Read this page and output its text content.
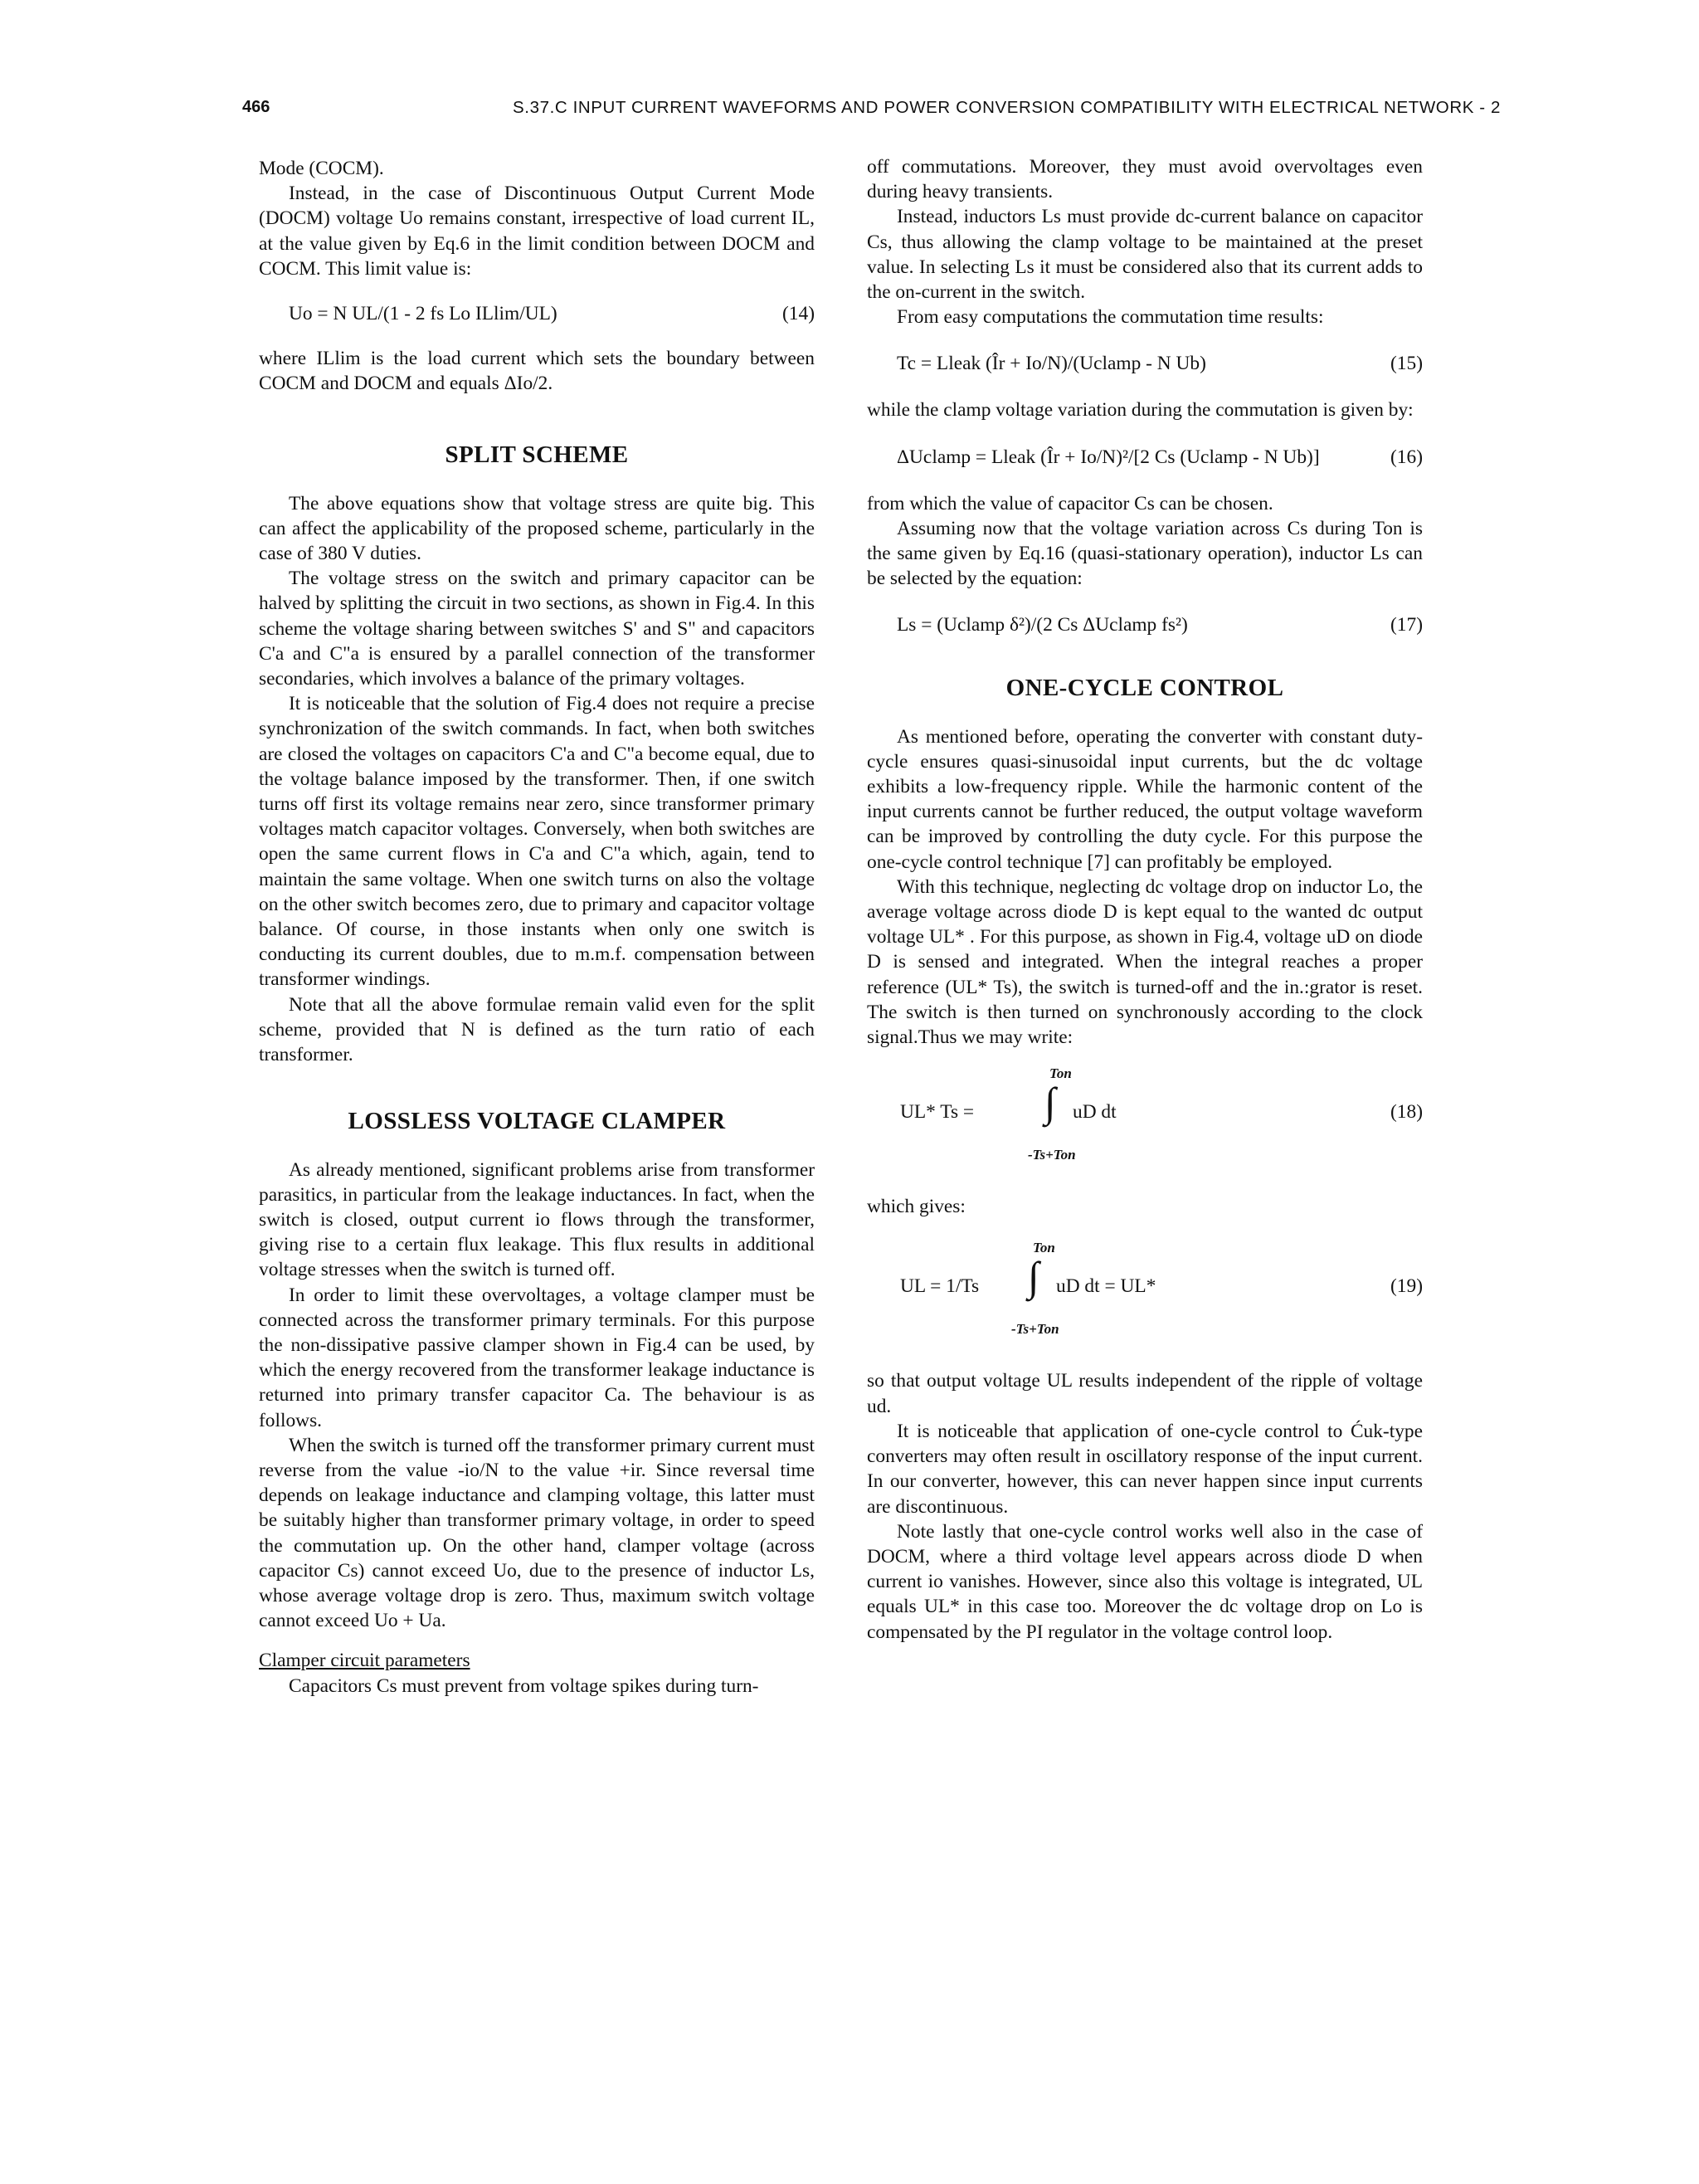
466	S.37.C INPUT CURRENT WAVEFORMS AND POWER CONVERSION COMPATIBILITY WITH ELECTRICAL NETWORK - 2

Mode (COCM).

Instead, in the case of Discontinuous Output Current Mode (DOCM) voltage Uo remains constant, irrespective of load current IL, at the value given by Eq.6 in the limit condition between DOCM and COCM. This limit value is:

Uo = N UL/(1 - 2 fs Lo ILlim/UL)	(14)

where ILlim is the load current which sets the boundary between COCM and DOCM and equals ΔIo/2.

SPLIT SCHEME

The above equations show that voltage stress are quite big. This can affect the applicability of the proposed scheme, particularly in the case of 380 V duties.

The voltage stress on the switch and primary capacitor can be halved by splitting the circuit in two sections, as shown in Fig.4. In this scheme the voltage sharing between switches S' and S" and capacitors C'a and C"a is ensured by a parallel connection of the transformer secondaries, which involves a balance of the primary voltages.

It is noticeable that the solution of Fig.4 does not require a precise synchronization of the switch commands. In fact, when both switches are closed the voltages on capacitors C'a and C"a become equal, due to the voltage balance imposed by the transformer. Then, if one switch turns off first its voltage remains near zero, since transformer primary voltages match capacitor voltages. Conversely, when both switches are open the same current flows in C'a and C"a which, again, tend to maintain the same voltage. When one switch turns on also the voltage on the other switch becomes zero, due to primary and capacitor voltage balance. Of course, in those instants when only one switch is conducting its current doubles, due to m.m.f. compensation between transformer windings.

Note that all the above formulae remain valid even for the split scheme, provided that N is defined as the turn ratio of each transformer.

LOSSLESS VOLTAGE CLAMPER

As already mentioned, significant problems arise from transformer parasitics, in particular from the leakage inductances. In fact, when the switch is closed, output current io flows through the transformer, giving rise to a certain flux leakage. This flux results in additional voltage stresses when the switch is turned off.

In order to limit these overvoltages, a voltage clamper must be connected across the transformer primary terminals. For this purpose the non-dissipative passive clamper shown in Fig.4 can be used, by which the energy recovered from the transformer leakage inductance is returned into primary transfer capacitor Ca. The behaviour is as follows.

When the switch is turned off the transformer primary current must reverse from the value -io/N to the value +ir. Since reversal time depends on leakage inductance and clamping voltage, this latter must be suitably higher than transformer primary voltage, in order to speed the commutation up. On the other hand, clamper voltage (across capacitor Cs) cannot exceed Uo, due to the presence of inductor Ls, whose average voltage drop is zero. Thus, maximum switch voltage cannot exceed Uo + Ua.

Clamper circuit parameters

Capacitors Cs must prevent from voltage spikes during turn-

off commutations. Moreover, they must avoid overvoltages even during heavy transients.

Instead, inductors Ls must provide dc-current balance on capacitor Cs, thus allowing the clamp voltage to be maintained at the preset value. In selecting Ls it must be considered also that its current adds to the on-current in the switch.

From easy computations the commutation time results:

Tc = Lleak (Îr + Io/N)/(Uclamp - N Ub)	(15)

while the clamp voltage variation during the commutation is given by:

ΔUclamp = Lleak (Îr + Io/N)²/[2 Cs (Uclamp - N Ub)]	(16)

from which the value of capacitor Cs can be chosen.

Assuming now that the voltage variation across Cs during Ton is the same given by Eq.16 (quasi-stationary operation), inductor Ls can be selected by the equation:

Ls = (Uclamp δ²)/(2 Cs ΔUclamp fs²)	(17)
ONE-CYCLE CONTROL

As mentioned before, operating the converter with constant duty-cycle ensures quasi-sinusoidal input currents, but the dc voltage exhibits a low-frequency ripple. While the harmonic content of the input currents cannot be further reduced, the output voltage waveform can be improved by controlling the duty cycle. For this purpose the one-cycle control technique [7] can profitably be employed.

With this technique, neglecting dc voltage drop on inductor Lo, the average voltage across diode D is kept equal to the wanted dc output voltage UL* . For this purpose, as shown in Fig.4, voltage uD on diode D is sensed and integrated. When the integral reaches a proper reference (UL* Ts), the switch is turned-off and the in.:grator is reset. The switch is then turned on synchronously according to the clock signal.Thus we may write:

UL* Ts =
Ton
∫
-Ts+Ton
uD dt	(18)

which gives:

UL = 1/Ts
Ton
∫
-Ts+Ton
uD dt = UL*	(19)

so that output voltage UL results independent of the ripple of voltage ud.

It is noticeable that application of one-cycle control to Ćuk-type converters may often result in oscillatory response of the input current. In our converter, however, this can never happen since input currents are discontinuous.

Note lastly that one-cycle control works well also in the case of DOCM, where a third voltage level appears across diode D when current io vanishes. However, since also this voltage is integrated, UL equals UL* in this case too. Moreover the dc voltage drop on Lo is compensated by the PI regulator in the voltage control loop.
